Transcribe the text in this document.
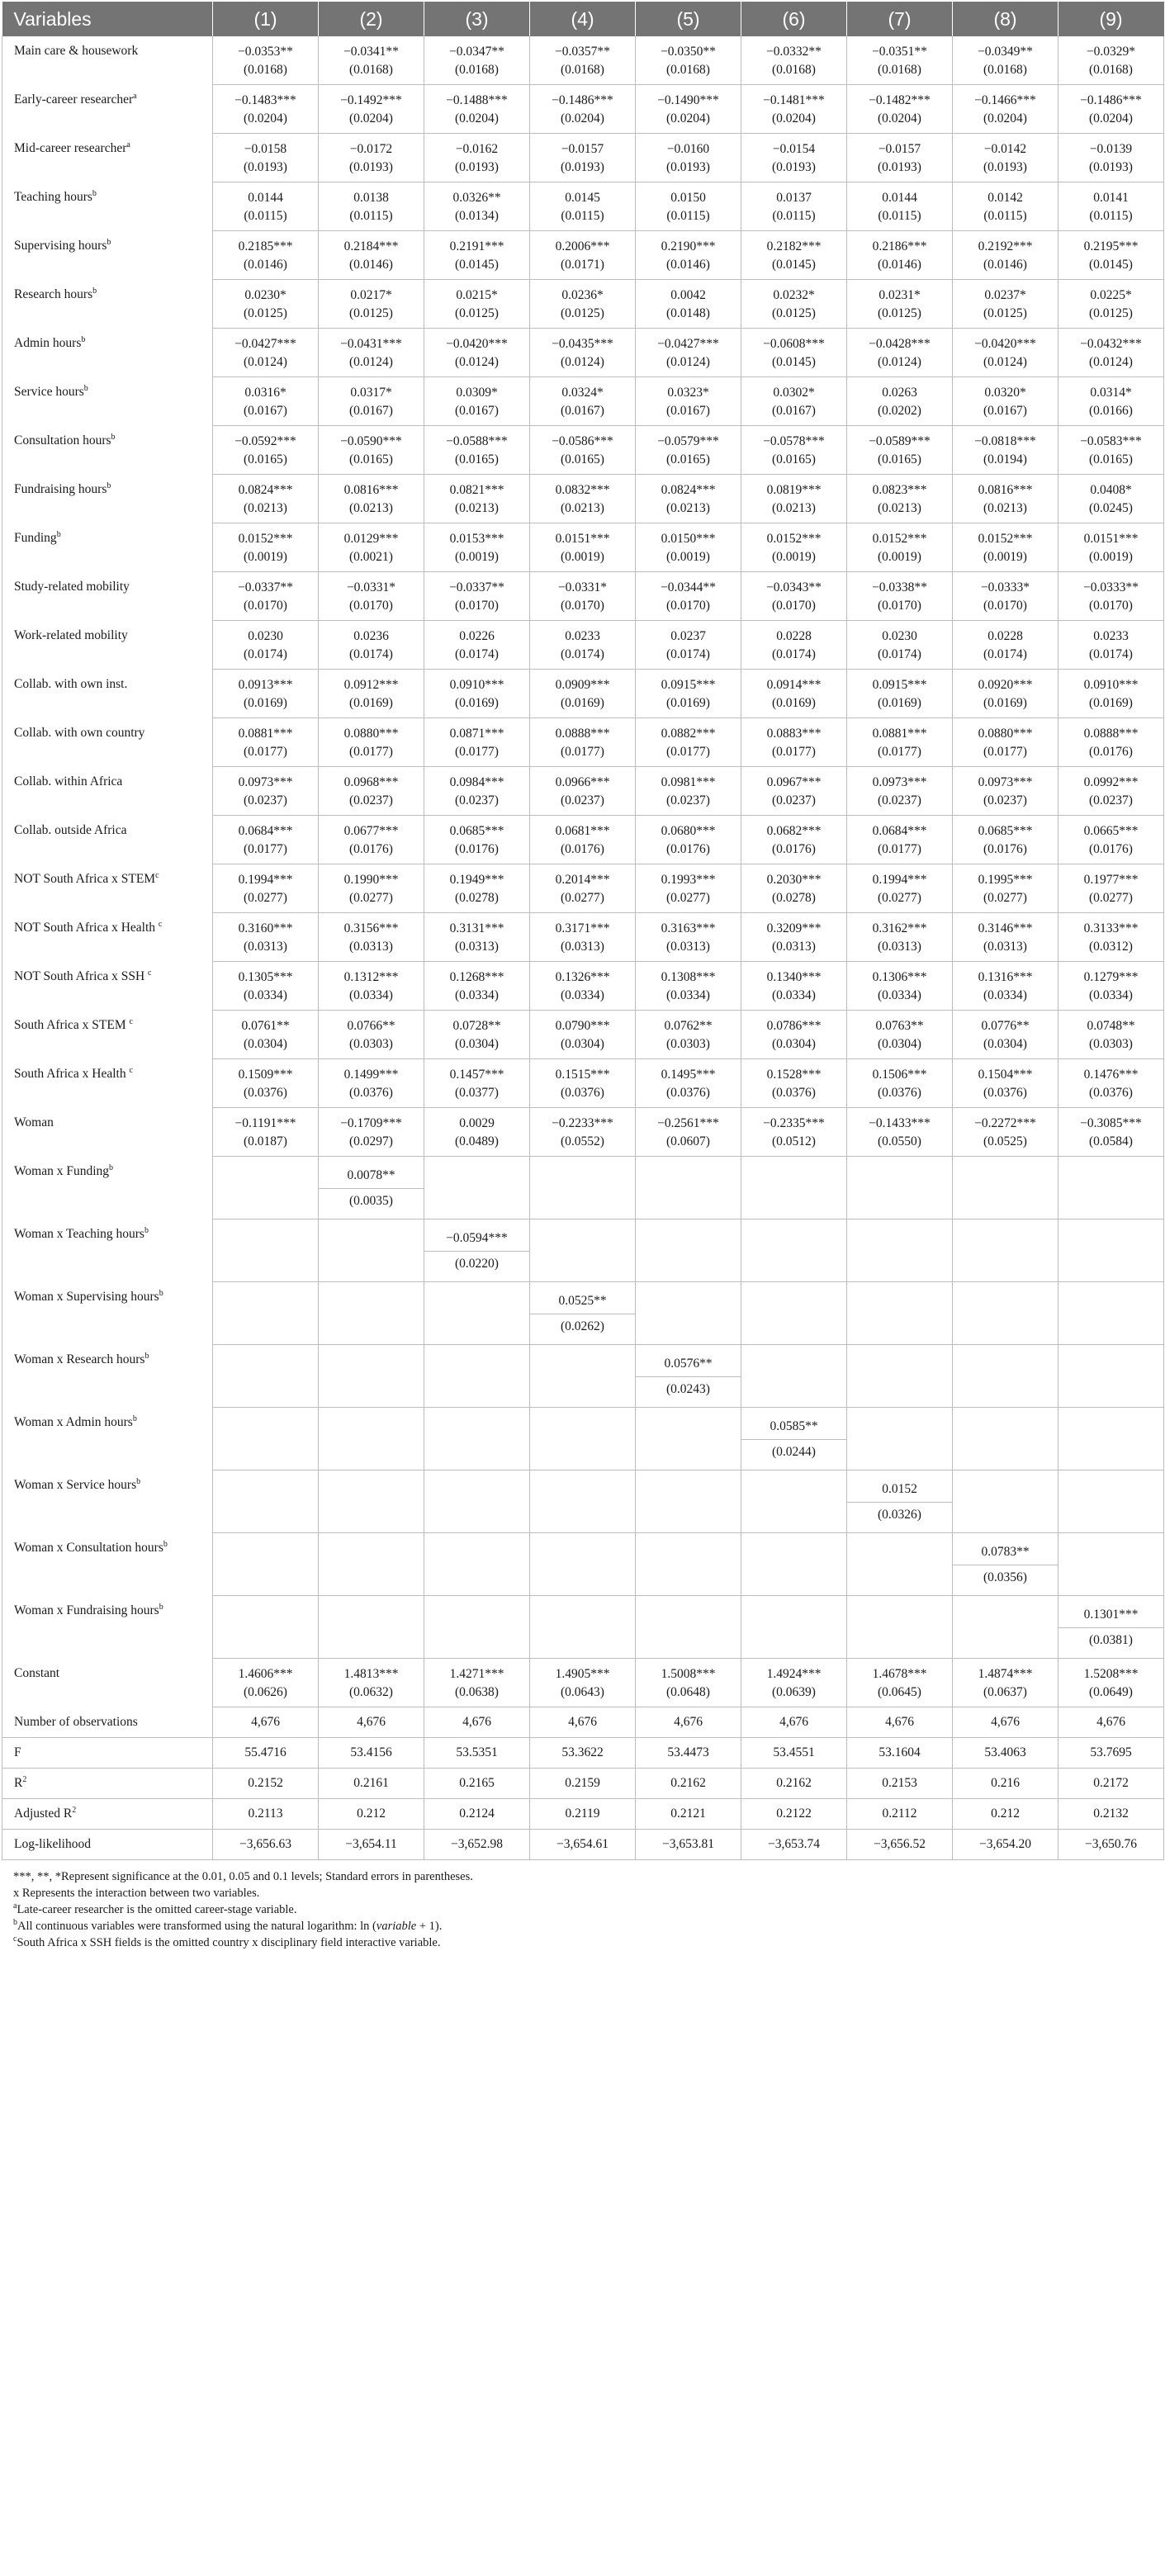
Variables	(1)	(2)	(3)	(4)	(5)	(6)	(7)	(8)	(9)
Main care & housework	−0.0353**	−0.0341**	−0.0347**	−0.0357**	−0.0350**	−0.0332**	−0.0351**	−0.0349**	−0.0329*
	(0.0168)	(0.0168)	(0.0168)	(0.0168)	(0.0168)	(0.0168)	(0.0168)	(0.0168)	(0.0168)
Early-career researcher$^a$	−0.1483***	−0.1492***	−0.1488***	−0.1486***	−0.1490***	−0.1481***	−0.1482***	−0.1466***	−0.1486***
	(0.0204)	(0.0204)	(0.0204)	(0.0204)	(0.0204)	(0.0204)	(0.0204)	(0.0204)	(0.0204)
Mid-career researcher$^a$	−0.0158	−0.0172	−0.0162	−0.0157	−0.0160	−0.0154	−0.0157	−0.0142	−0.0139
	(0.0193)	(0.0193)	(0.0193)	(0.0193)	(0.0193)	(0.0193)	(0.0193)	(0.0193)	(0.0193)
Teaching hours$^b$	0.0144	0.0138	0.0326**	0.0145	0.0150	0.0137	0.0144	0.0142	0.0141
	(0.0115)	(0.0115)	(0.0134)	(0.0115)	(0.0115)	(0.0115)	(0.0115)	(0.0115)	(0.0115)
Supervising hours$^b$	0.2185***	0.2184***	0.2191***	0.2006***	0.2190***	0.2182***	0.2186***	0.2192***	0.2195***
	(0.0146)	(0.0146)	(0.0145)	(0.0171)	(0.0146)	(0.0145)	(0.0146)	(0.0146)	(0.0145)
Research hours$^b$	0.0230*	0.0217*	0.0215*	0.0236*	0.0042	0.0232*	0.0231*	0.0237*	0.0225*
	(0.0125)	(0.0125)	(0.0125)	(0.0125)	(0.0148)	(0.0125)	(0.0125)	(0.0125)	(0.0125)
Admin hours$^b$	−0.0427***	−0.0431***	−0.0420***	−0.0435***	−0.0427***	−0.0608***	−0.0428***	−0.0420***	−0.0432***
	(0.0124)	(0.0124)	(0.0124)	(0.0124)	(0.0124)	(0.0145)	(0.0124)	(0.0124)	(0.0124)
Service hours$^b$	0.0316*	0.0317*	0.0309*	0.0324*	0.0323*	0.0302*	0.0263	0.0320*	0.0314*
	(0.0167)	(0.0167)	(0.0167)	(0.0167)	(0.0167)	(0.0167)	(0.0202)	(0.0167)	(0.0166)
Consultation hours$^b$	−0.0592***	−0.0590***	−0.0588***	−0.0586***	−0.0579***	−0.0578***	−0.0589***	−0.0818***	−0.0583***
	(0.0165)	(0.0165)	(0.0165)	(0.0165)	(0.0165)	(0.0165)	(0.0165)	(0.0194)	(0.0165)
Fundraising hours$^b$	0.0824***	0.0816***	0.0821***	0.0832***	0.0824***	0.0819***	0.0823***	0.0816***	0.0408*
	(0.0213)	(0.0213)	(0.0213)	(0.0213)	(0.0213)	(0.0213)	(0.0213)	(0.0213)	(0.0245)
Funding$^b$	0.0152***	0.0129***	0.0153***	0.0151***	0.0150***	0.0152***	0.0152***	0.0152***	0.0151***
	(0.0019)	(0.0021)	(0.0019)	(0.0019)	(0.0019)	(0.0019)	(0.0019)	(0.0019)	(0.0019)
Study-related mobility	−0.0337**	−0.0331*	−0.0337**	−0.0331*	−0.0344**	−0.0343**	−0.0338**	−0.0333*	−0.0333**
	(0.0170)	(0.0170)	(0.0170)	(0.0170)	(0.0170)	(0.0170)	(0.0170)	(0.0170)	(0.0170)
Work-related mobility	0.0230	0.0236	0.0226	0.0233	0.0237	0.0228	0.0230	0.0228	0.0233
	(0.0174)	(0.0174)	(0.0174)	(0.0174)	(0.0174)	(0.0174)	(0.0174)	(0.0174)	(0.0174)
Collab. with own inst.	0.0913***	0.0912***	0.0910***	0.0909***	0.0915***	0.0914***	0.0915***	0.0920***	0.0910***
	(0.0169)	(0.0169)	(0.0169)	(0.0169)	(0.0169)	(0.0169)	(0.0169)	(0.0169)	(0.0169)
Collab. with own country	0.0881***	0.0880***	0.0871***	0.0888***	0.0882***	0.0883***	0.0881***	0.0880***	0.0888***
	(0.0177)	(0.0177)	(0.0177)	(0.0177)	(0.0177)	(0.0177)	(0.0177)	(0.0177)	(0.0176)
Collab. within Africa	0.0973***	0.0968***	0.0984***	0.0966***	0.0981***	0.0967***	0.0973***	0.0973***	0.0992***
	(0.0237)	(0.0237)	(0.0237)	(0.0237)	(0.0237)	(0.0237)	(0.0237)	(0.0237)	(0.0237)
Collab. outside Africa	0.0684***	0.0677***	0.0685***	0.0681***	0.0680***	0.0682***	0.0684***	0.0685***	0.0665***
	(0.0177)	(0.0176)	(0.0176)	(0.0176)	(0.0176)	(0.0176)	(0.0177)	(0.0176)	(0.0176)
NOT South Africa x STEM$^c$	0.1994***	0.1990***	0.1949***	0.2014***	0.1993***	0.2030***	0.1994***	0.1995***	0.1977***
	(0.0277)	(0.0277)	(0.0278)	(0.0277)	(0.0277)	(0.0278)	(0.0277)	(0.0277)	(0.0277)
NOT South Africa x Health $^c$	0.3160***	0.3156***	0.3131***	0.3171***	0.3163***	0.3209***	0.3162***	0.3146***	0.3133***
	(0.0313)	(0.0313)	(0.0313)	(0.0313)	(0.0313)	(0.0313)	(0.0313)	(0.0313)	(0.0312)
NOT South Africa x SSH $^c$	0.1305***	0.1312***	0.1268***	0.1326***	0.1308***	0.1340***	0.1306***	0.1316***	0.1279***
	(0.0334)	(0.0334)	(0.0334)	(0.0334)	(0.0334)	(0.0334)	(0.0334)	(0.0334)	(0.0334)
South Africa x STEM $^c$	0.0761**	0.0766**	0.0728**	0.0790***	0.0762**	0.0786***	0.0763**	0.0776**	0.0748**
	(0.0304)	(0.0303)	(0.0304)	(0.0304)	(0.0303)	(0.0304)	(0.0304)	(0.0304)	(0.0303)
South Africa x Health $^c$	0.1509***	0.1499***	0.1457***	0.1515***	0.1495***	0.1528***	0.1506***	0.1504***	0.1476***
	(0.0376)	(0.0376)	(0.0377)	(0.0376)	(0.0376)	(0.0376)	(0.0376)	(0.0376)	(0.0376)
Woman	−0.1191***	−0.1709***	0.0029	−0.2233***	−0.2561***	−0.2335***	−0.1433***	−0.2272***	−0.3085***
	(0.0187)	(0.0297)	(0.0489)	(0.0552)	(0.0607)	(0.0512)	(0.0550)	(0.0525)	(0.0584)
Woman x Funding$^b$		0.0078**							
		(0.0035)							
Woman x Teaching hours$^b$			−0.0594***						
			(0.0220)						
Woman x Supervising hours$^b$				0.0525**					
				(0.0262)					
Woman x Research hours$^b$					0.0576**				
					(0.0243)				
Woman x Admin hours$^b$						0.0585**			
						(0.0244)			
Woman x Service hours$^b$							0.0152		
							(0.0326)		
Woman x Consultation hours$^b$								0.0783**	
								(0.0356)	
Woman x Fundraising hours$^b$									0.1301***
									(0.0381)
Constant	1.4606***	1.4813***	1.4271***	1.4905***	1.5008***	1.4924***	1.4678***	1.4874***	1.5208***
	(0.0626)	(0.0632)	(0.0638)	(0.0643)	(0.0648)	(0.0639)	(0.0645)	(0.0637)	(0.0649)
Number of observations	4,676	4,676	4,676	4,676	4,676	4,676	4,676	4,676	4,676
F	55.4716	53.4156	53.5351	53.3622	53.4473	53.4551	53.1604	53.4063	53.7695
$R^2$	0.2152	0.2161	0.2165	0.2159	0.2162	0.2162	0.2153	0.216	0.2172
Adjusted $R^2$	0.2113	0.212	0.2124	0.2119	0.2121	0.2122	0.2112	0.212	0.2132
Log-likelihood	−3,656.63	−3,654.11	−3,652.98	−3,654.61	−3,653.81	−3,653.74	−3,656.52	−3,654.20	−3,650.76
***, **, *Represent significance at the 0.01, 0.05 and 0.1 levels; Standard errors in parentheses.
x Represents the interaction between two variables.
$^a$Late-career researcher is the omitted career-stage variable.
$^b$All continuous variables were transformed using the natural logarithm: ln (variable + 1).
$^c$South Africa x SSH fields is the omitted country x disciplinary field interactive variable.
